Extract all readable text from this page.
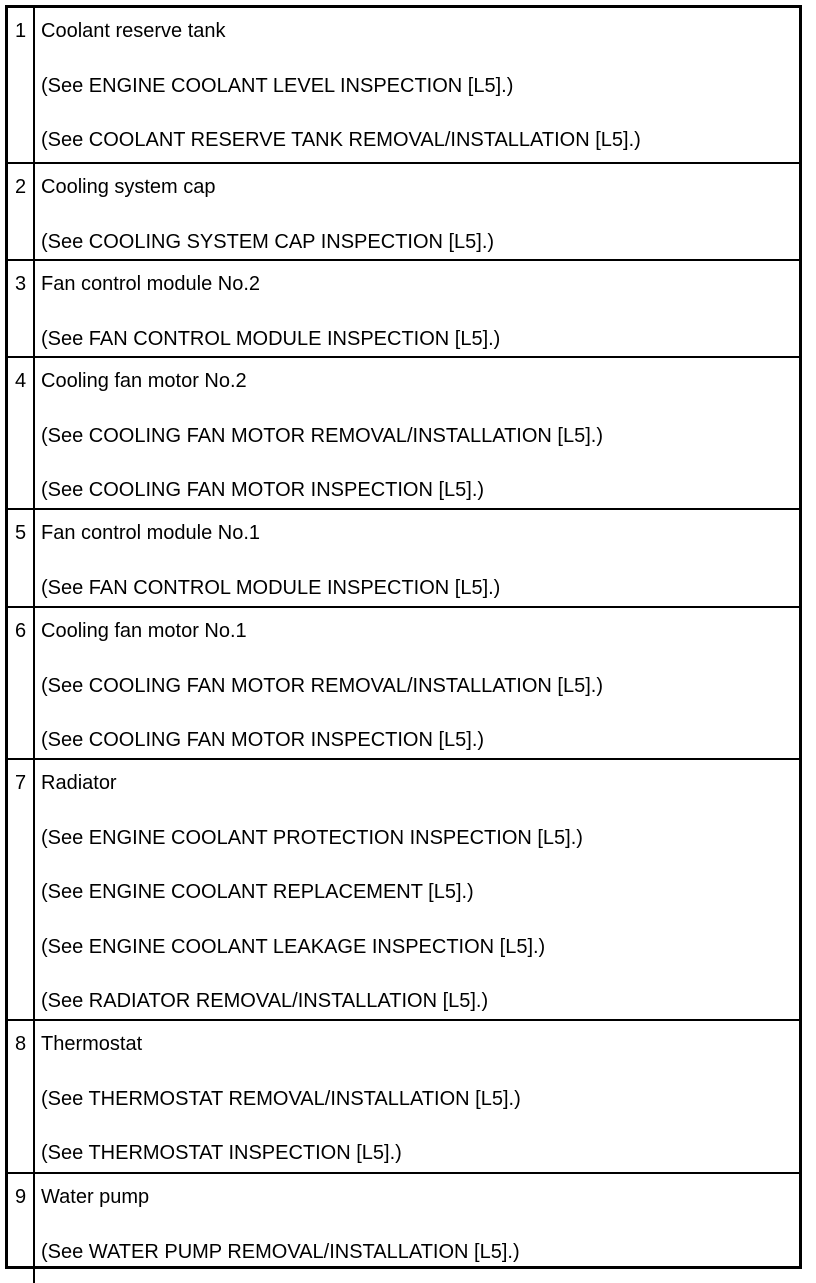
1 Coolant reserve tank
(See ENGINE COOLANT LEVEL INSPECTION [L5].)
(See COOLANT RESERVE TANK REMOVAL/INSTALLATION [L5].)
2 Cooling system cap
(See COOLING SYSTEM CAP INSPECTION [L5].)
3 Fan control module No.2
(See FAN CONTROL MODULE INSPECTION [L5].)
4 Cooling fan motor No.2
(See COOLING FAN MOTOR REMOVAL/INSTALLATION [L5].)
(See COOLING FAN MOTOR INSPECTION [L5].)
5 Fan control module No.1
(See FAN CONTROL MODULE INSPECTION [L5].)
6 Cooling fan motor No.1
(See COOLING FAN MOTOR REMOVAL/INSTALLATION [L5].)
(See COOLING FAN MOTOR INSPECTION [L5].)
7 Radiator
(See ENGINE COOLANT PROTECTION INSPECTION [L5].)
(See ENGINE COOLANT REPLACEMENT [L5].)
(See ENGINE COOLANT LEAKAGE INSPECTION [L5].)
(See RADIATOR REMOVAL/INSTALLATION [L5].)
8 Thermostat
(See THERMOSTAT REMOVAL/INSTALLATION [L5].)
(See THERMOSTAT INSPECTION [L5].)
9 Water pump
(See WATER PUMP REMOVAL/INSTALLATION [L5].)
